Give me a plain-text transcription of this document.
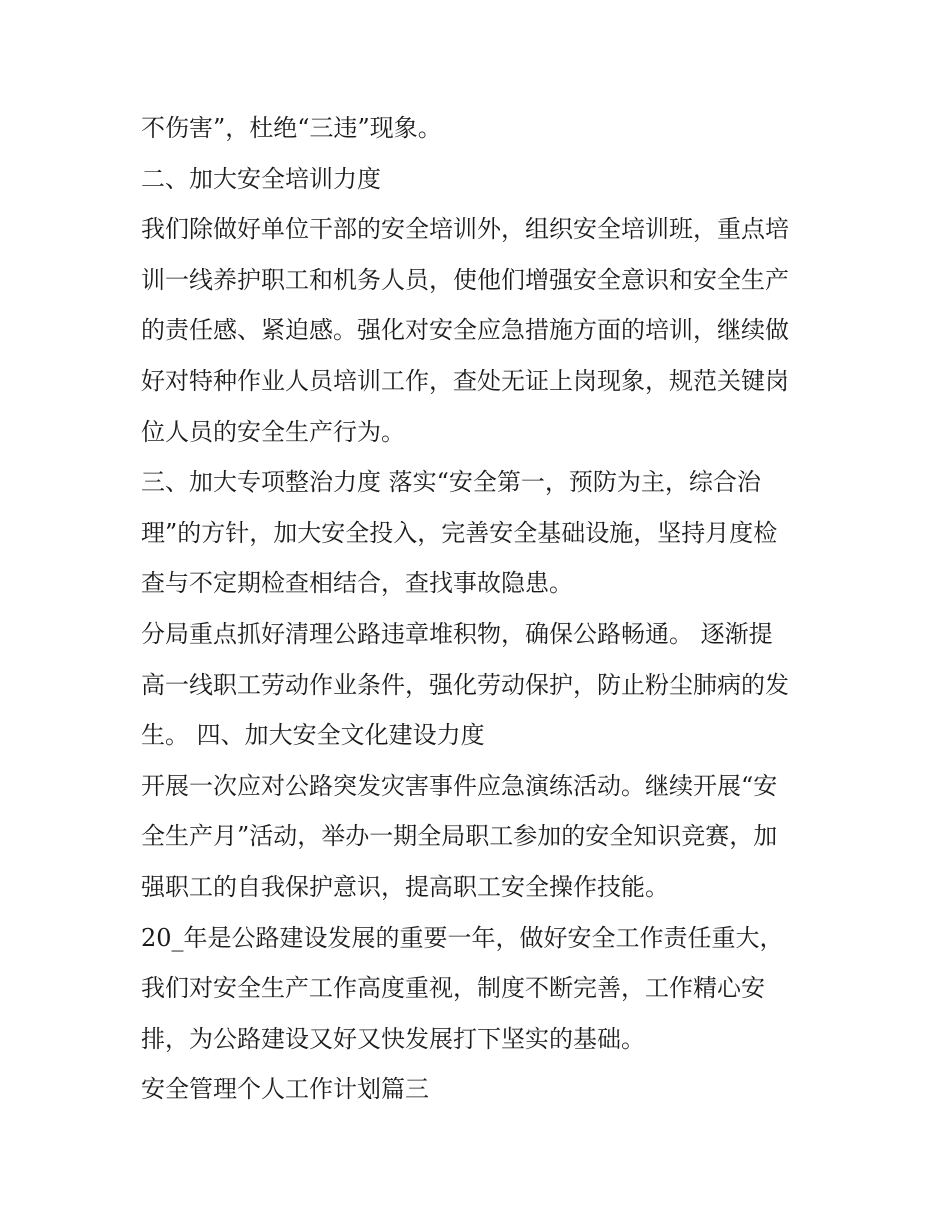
不伤害”，杜绝“三违”现象。
二、加大安全培训力度
我们除做好单位干部的安全培训外，组织安全培训班，重点培
训一线养护职工和机务人员，使他们增强安全意识和安全生产
的责任感、紧迫感。强化对安全应急措施方面的培训，继续做
好对特种作业人员培训工作，查处无证上岗现象，规范关键岗
位人员的安全生产行为。
三、加大专项整治力度 落实“安全第一，预防为主，综合治
理”的方针，加大安全投入，完善安全基础设施，坚持月度检
查与不定期检查相结合，查找事故隐患。
分局重点抓好清理公路违章堆积物，确保公路畅通。 逐渐提
高一线职工劳动作业条件，强化劳动保护，防止粉尘肺病的发
生。 四、加大安全文化建设力度
开展一次应对公路突发灾害事件应急演练活动。继续开展“安
全生产月”活动，举办一期全局职工参加的安全知识竞赛，加
强职工的自我保护意识，提高职工安全操作技能。
20_年是公路建设发展的重要一年，做好安全工作责任重大，
我们对安全生产工作高度重视，制度不断完善，工作精心安
排，为公路建设又好又快发展打下坚实的基础。
安全管理个人工作计划篇三
